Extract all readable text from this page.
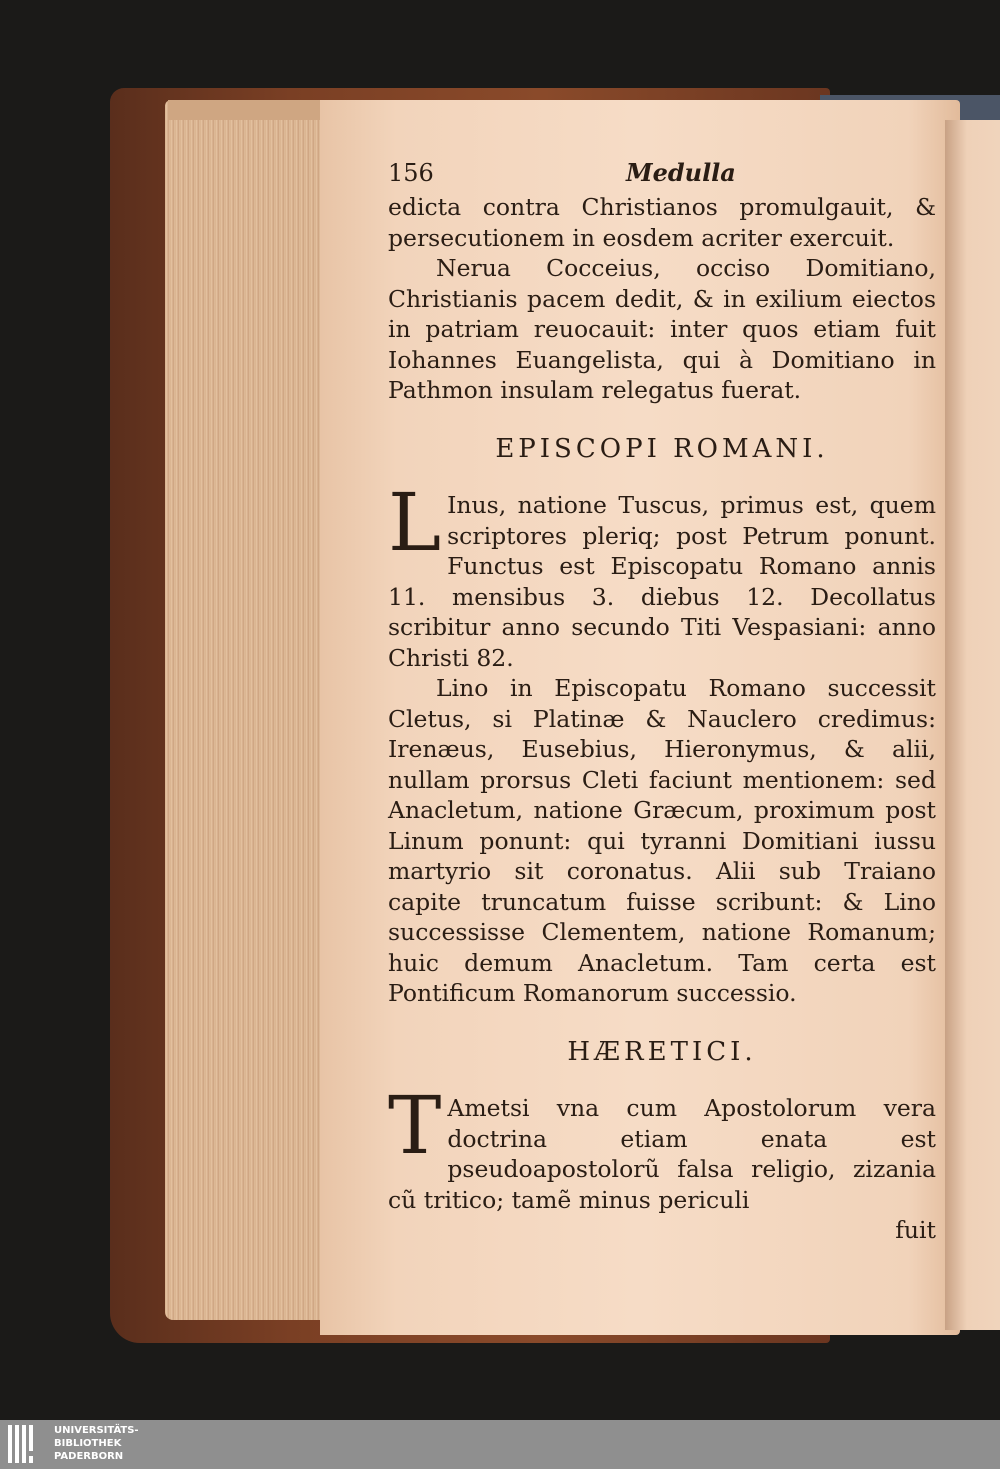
156	Medulla

edicta contra Christianos promulgauit, & persecutionem in eosdem acriter exercuit.

Nerua Cocceius, occiso Domitiano, Christianis pacem dedit, & in exilium eiectos in patriam reuocauit: inter quos etiam fuit Iohannes Euangelista, qui à Domitiano in Pathmon insulam relegatus fuerat.

EPISCOPI ROMANI.

L Inus, natione Tuscus, primus est, quem scriptores pleriq; post Petrum ponunt. Functus est Episcopatu Romano annis 11. mensibus 3. diebus 12. Decollatus scribitur anno secundo Titi Vespasiani: anno Christi 82.

Lino in Episcopatu Romano successit Cletus, si Platinæ & Nauclero credimus: Irenæus, Eusebius, Hieronymus, & alii, nullam prorsus Cleti faciunt mentionem: sed Anacletum, natione Græcum, proximum post Linum ponunt: qui tyranni Domitiani iussu martyrio sit coronatus. Alii sub Traiano capite truncatum fuisse scribunt: & Lino successisse Clementem, natione Romanum; huic demum Anacletum. Tam certa est Pontificum Romanorum successio.

HÆRETICI.

T Ametsi vna cum Apostolorum vera doctrina etiam enata est pseudoapostolorũ falsa religio, zizania cũ tritico; tamẽ minus periculi

fuit

UNIVERSITÄTS-
BIBLIOTHEK
PADERBORN
